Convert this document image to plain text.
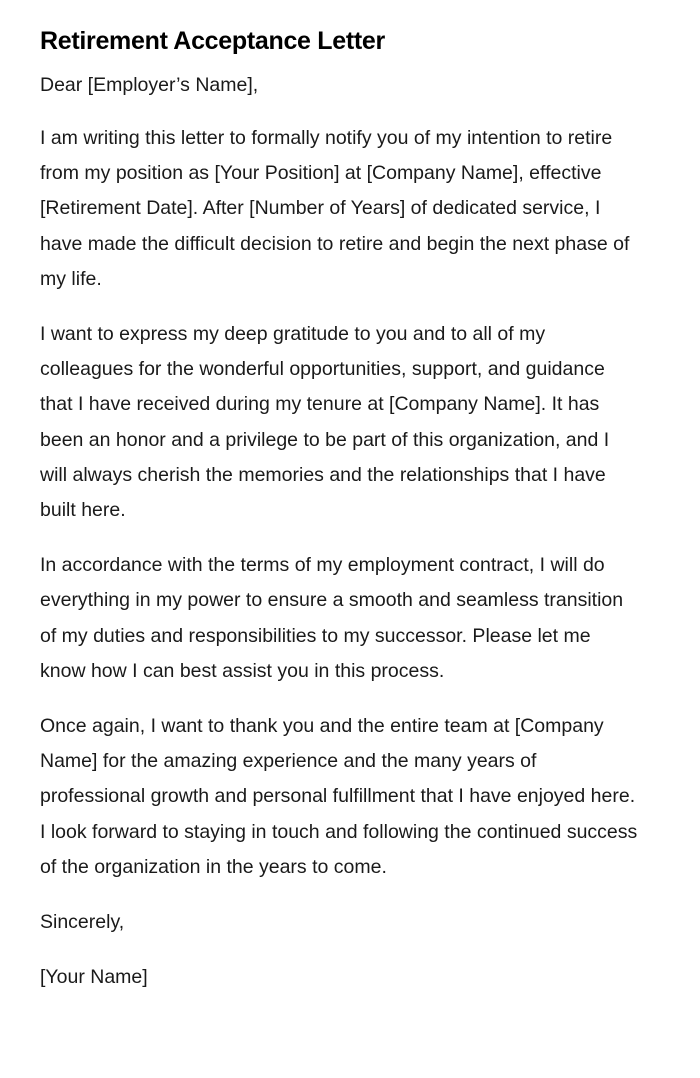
Retirement Acceptance Letter

Dear [Employer’s Name],

I am writing this letter to formally notify you of my intention to retire from my position as [Your Position] at [Company Name], effective [Retirement Date]. After [Number of Years] of dedicated service, I have made the difficult decision to retire and begin the next phase of my life.

I want to express my deep gratitude to you and to all of my colleagues for the wonderful opportunities, support, and guidance that I have received during my tenure at [Company Name]. It has been an honor and a privilege to be part of this organization, and I will always cherish the memories and the relationships that I have built here.

In accordance with the terms of my employment contract, I will do everything in my power to ensure a smooth and seamless transition of my duties and responsibilities to my successor. Please let me know how I can best assist you in this process.

Once again, I want to thank you and the entire team at [Company Name] for the amazing experience and the many years of professional growth and personal fulfillment that I have enjoyed here. I look forward to staying in touch and following the continued success of the organization in the years to come.

Sincerely,

[Your Name]
